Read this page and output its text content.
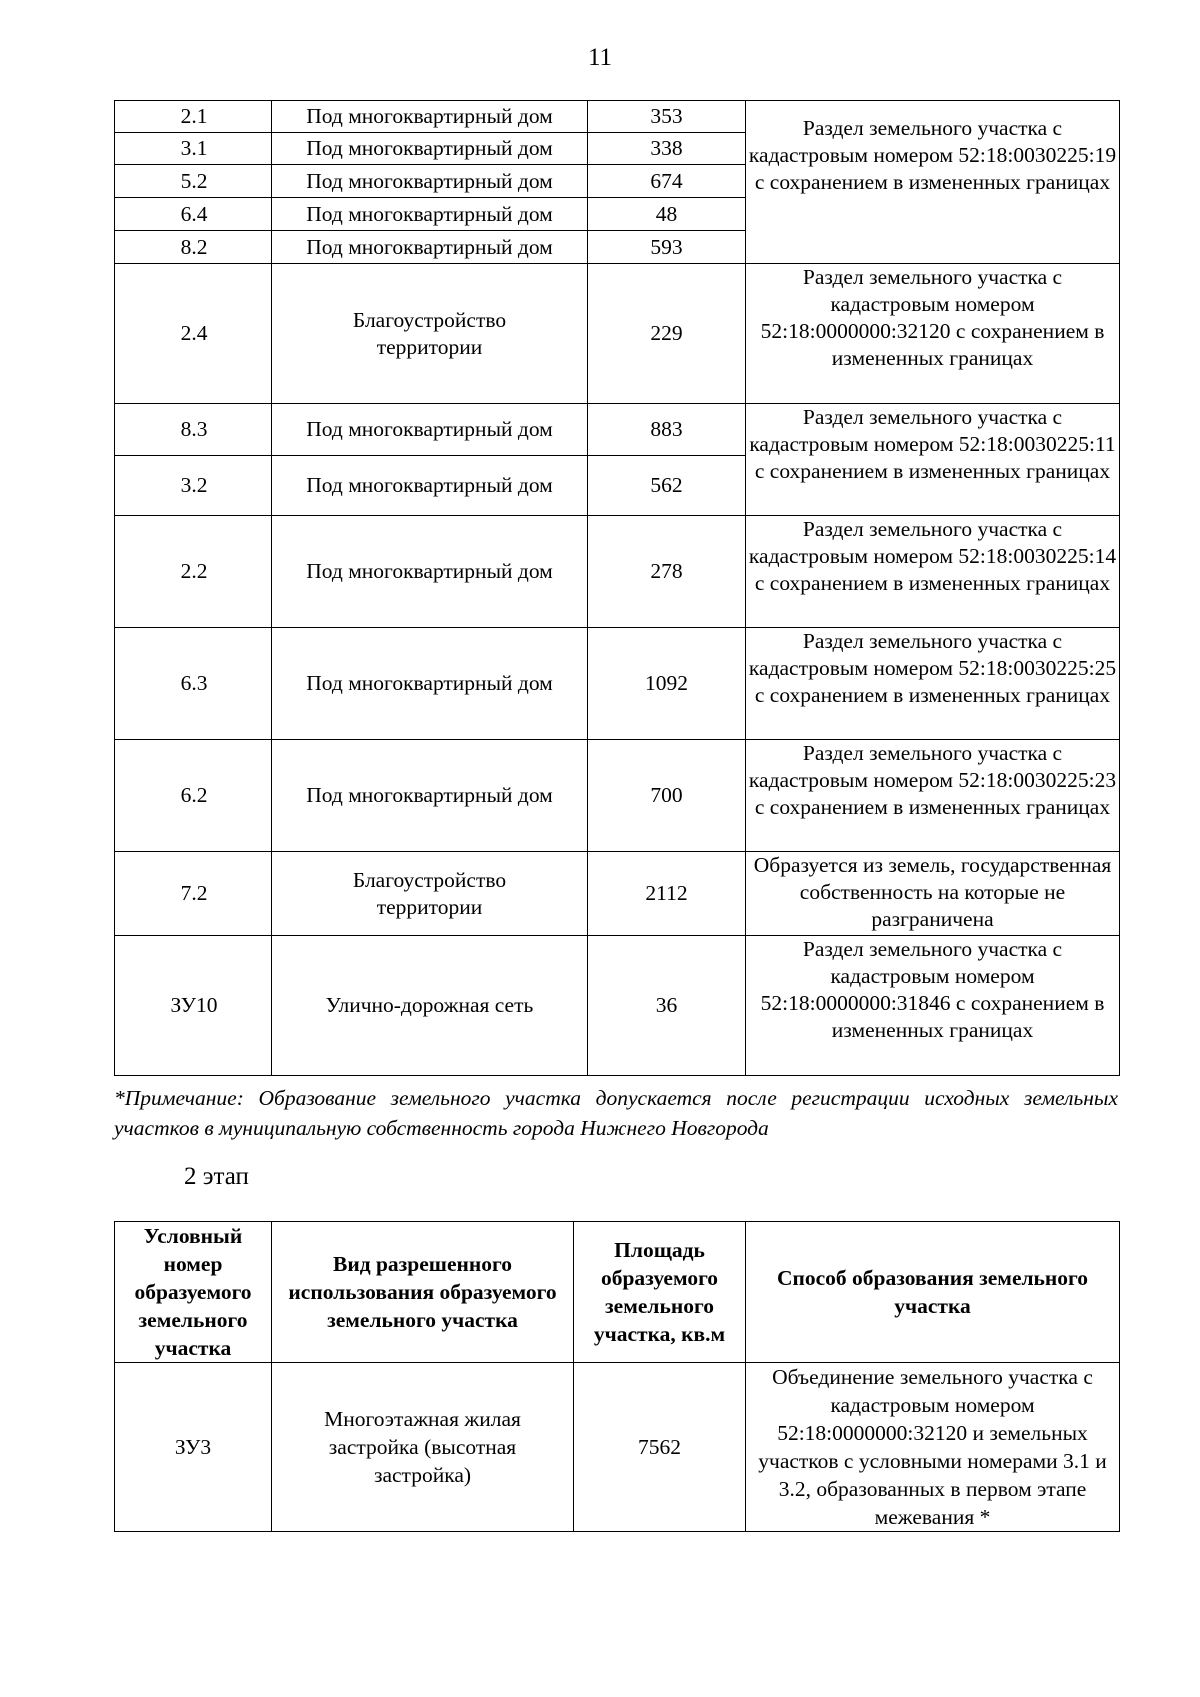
11
2.1	Под многоквартирный дом	353	Раздел земельного участка с кадастровым номером 52:18:0030225:19 с сохранением в измененных границах
3.1	Под многоквартирный дом	338	
5.2	Под многоквартирный дом	674	
6.4	Под многоквартирный дом	48	
8.2	Под многоквартирный дом	593	
2.4	Благоустройство территории	229	Раздел земельного участка с кадастровым номером 52:18:0000000:32120 с сохранением в измененных границах
8.3	Под многоквартирный дом	883	Раздел земельного участка с кадастровым номером 52:18:0030225:11 с сохранением в измененных границах
3.2	Под многоквартирный дом	562	
2.2	Под многоквартирный дом	278	Раздел земельного участка с кадастровым номером 52:18:0030225:14 с сохранением в измененных границах
6.3	Под многоквартирный дом	1092	Раздел земельного участка с кадастровым номером 52:18:0030225:25 с сохранением в измененных границах
6.2	Под многоквартирный дом	700	Раздел земельного участка с кадастровым номером 52:18:0030225:23 с сохранением в измененных границах
7.2	Благоустройство территории	2112	Образуется из земель, государственная собственность на которые не разграничена
ЗУ10	Улично-дорожная сеть	36	Раздел земельного участка с кадастровым номером 52:18:0000000:31846 с сохранением в измененных границах
*Примечание: Образование земельного участка допускается после регистрации исходных земельных участков в муниципальную собственность города Нижнего Новгорода
2 этап
Условный номер образуемого земельного участка	Вид разрешенного использования образуемого земельного участка	Площадь образуемого земельного участка, кв.м	Способ образования земельного участка
ЗУ3	Многоэтажная жилая застройка (высотная застройка)	7562	Объединение земельного участка с кадастровым номером 52:18:0000000:32120 и земельных участков с условными номерами 3.1 и 3.2, образованных в первом этапе межевания *
